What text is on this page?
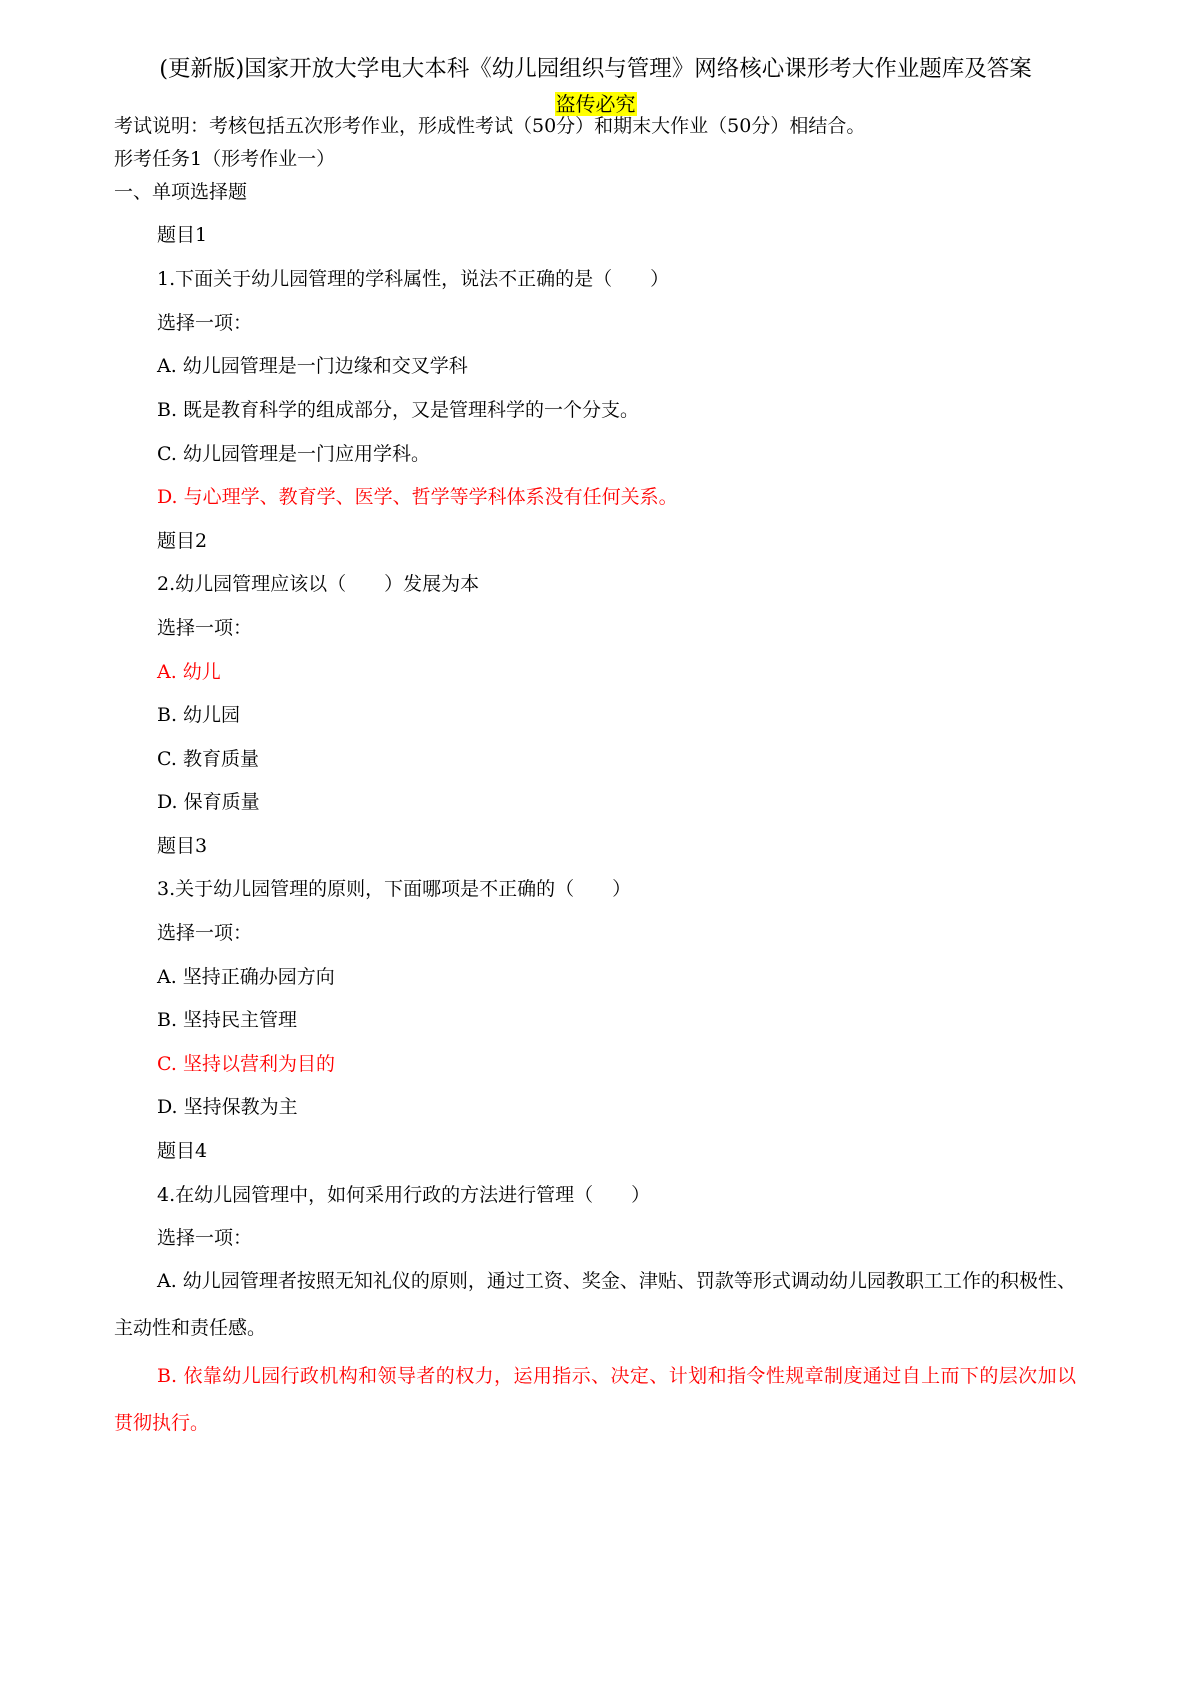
(更新版)国家开放大学电大本科《幼儿园组织与管理》网络核心课形考大作业题库及答案
盗传必究
考试说明：考核包括五次形考作业，形成性考试（50分）和期末大作业（50分）相结合。
形考任务1（形考作业一）
一、单项选择题
题目1
1.下面关于幼儿园管理的学科属性，说法不正确的是（　　）
选择一项：
A. 幼儿园管理是一门边缘和交叉学科
B. 既是教育科学的组成部分，又是管理科学的一个分支。
C. 幼儿园管理是一门应用学科。
D. 与心理学、教育学、医学、哲学等学科体系没有任何关系。
题目2
2.幼儿园管理应该以（　　）发展为本
选择一项：
A. 幼儿
B. 幼儿园
C. 教育质量
D. 保育质量
题目3
3.关于幼儿园管理的原则，下面哪项是不正确的（　　）
选择一项：
A. 坚持正确办园方向
B. 坚持民主管理
C. 坚持以营利为目的
D. 坚持保教为主
题目4
4.在幼儿园管理中，如何采用行政的方法进行管理（　　）
选择一项：
A. 幼儿园管理者按照无知礼仪的原则，通过工资、奖金、津贴、罚款等形式调动幼儿园教职工工作的积极性、主动性和责任感。
B. 依靠幼儿园行政机构和领导者的权力，运用指示、决定、计划和指令性规章制度通过自上而下的层次加以贯彻执行。
